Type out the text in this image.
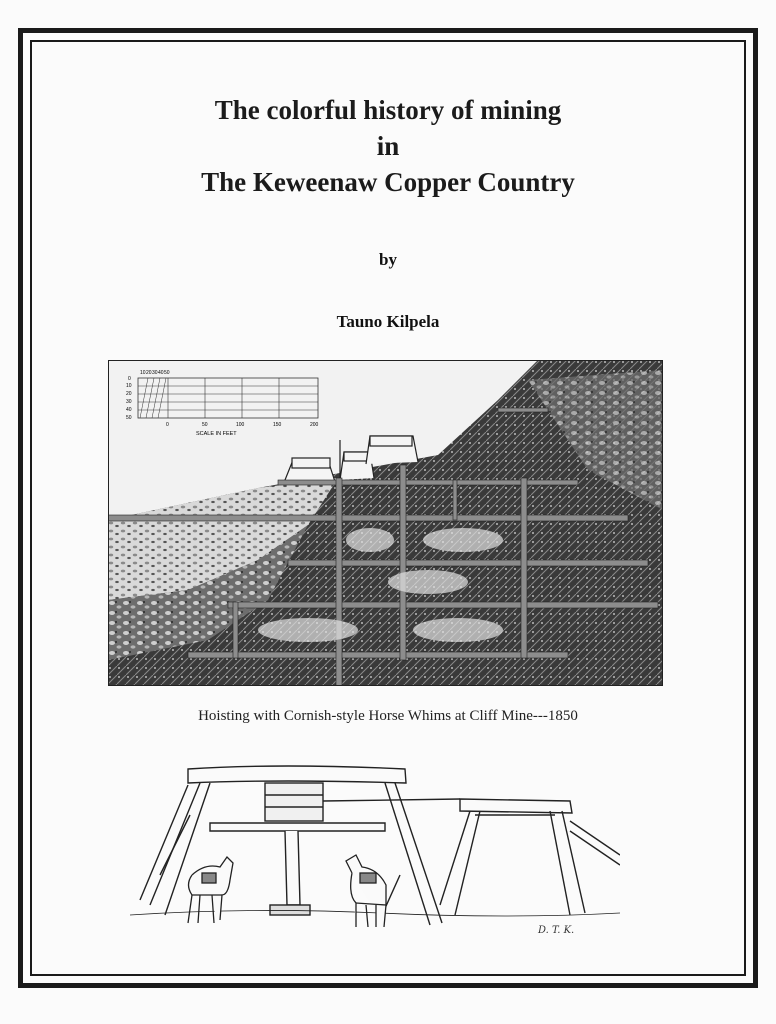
The colorful history of mining
in
The Keweenaw Copper Country
by
Tauno Kilpela
10 20 30 40 50
0
10
20
30
40
50
0	50	100	150	200
SCALE IN FEET
Hoisting with Cornish-style Horse Whims at Cliff Mine---1850
D. T. K.
